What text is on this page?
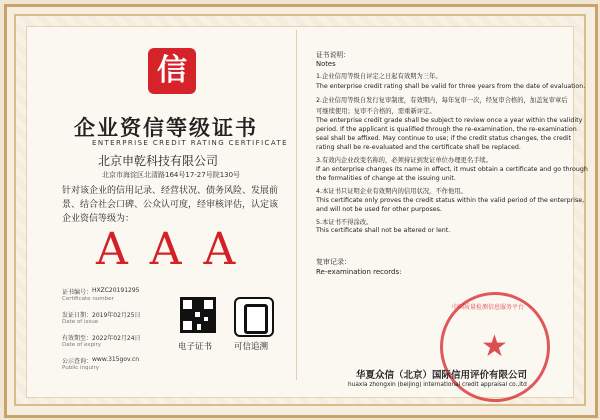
信
企业资信等级证书
ENTERPRISE CREDIT RATING CERTIFICATE
北京申乾科技有限公司
北京市海淀区北清路164号17-27号院130号
针对该企业的信用记录、经营状况、债务风险、发展前景、结合社会口碑、公众认可度，经审核评估，认定该企业资信等级为：
AAA
证书编号： HXZC20191295
Certificate number
发证日期： 2019年02月25日
Date of issue
有效期至： 2022年02月24日
Date of expiry
公示查询： www.315gov.cn
Public inquiry
电子证书	可信追溯
证书说明：
Notes
1.企业信用等级自评定之日起有效期为三年。
The enterprise credit rating shall be valid for three years from the date of evaluation.
2.企业信用等级自发行复审制度，有效期内，每年复审一次，经复审合格的，加盖复审章后
可继续使用；复审不合格的，需重新评定。
The enterprise credit grade shall be subject to review once a year within the validity
period. If the applicant is qualified through the re-examination, the re-examination
seal shall be affixed. May continue to use; if the credit status changes, the credit
rating shall be re-evaluated and the certificate shall be replaced.
3.有效内企业改变名称的，必须持证到发证单位办理更名手续。
If an enterprise changes its name in effect, it must obtain a certificate and go through
the formalities of change at the issuing unit.
4.本证书只证明企业有效期内的信用状况，不作他用。
This certificate only proves the credit status within the valid period of the enterprise,
and will not be used for other purposes.
5.本证书不得涂改。
This certificate shall not be altered or lent.
复审记录：
Re-examination records:
★
中国质量检测信息服务平台
华夏众信（北京）国际信用评价有限公司
huaxia zhongxin (beijing) international credit appraisal co.,ltd
